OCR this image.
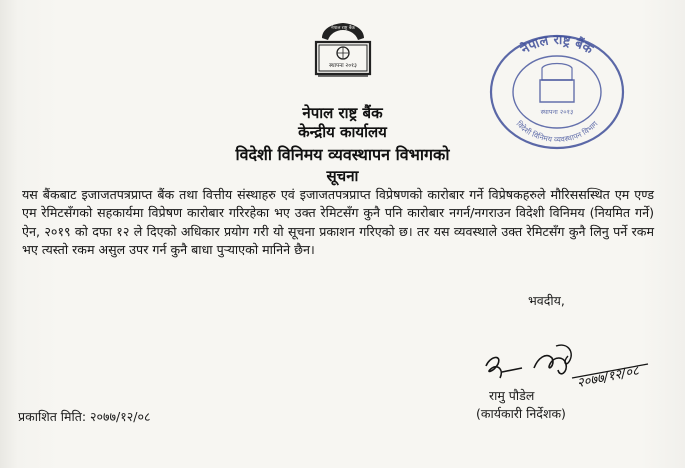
स्थापना २०१३
नेपाल राष्ट्र बैंक
नेपाल राष्ट्र बैंक
विदेशी विनिमय व्यवस्थापन विभाग
स्थापना २०१३
नेपाल राष्ट्र बैंक
केन्द्रीय कार्यालय
विदेशी विनिमय व्यवस्थापन विभागको
सूचना
यस बैंकबाट इजाजतपत्रप्राप्त बैंक तथा वित्तीय संस्थाहरु एवं इजाजतपत्रप्राप्त विप्रेषणको कारोबार गर्ने विप्रेषकहरुले मौरिससस्थित एम एण्ड एम रेमिटसँगको सहकार्यमा विप्रेषण कारोबार गरिरहेका भए उक्त रेमिटसँग कुनै पनि कारोबार नगर्न/नगराउन विदेशी विनिमय (नियमित गर्ने) ऐन, २०१९ को दफा १२ ले दिएको अधिकार प्रयोग गरी यो सूचना प्रकाशन गरिएको छ। तर यस व्यवस्थाले उक्त रेमिटसँग कुनै लिनु पर्ने रकम भए त्यस्तो रकम असुल उपर गर्न कुनै बाधा पुर्‍याएको मानिने छैन।
भवदीय,
२०७७/१२/०८
रामु पौडेल
(कार्यकारी निर्देशक)
प्रकाशित मिति: २०७७/१२/०८
